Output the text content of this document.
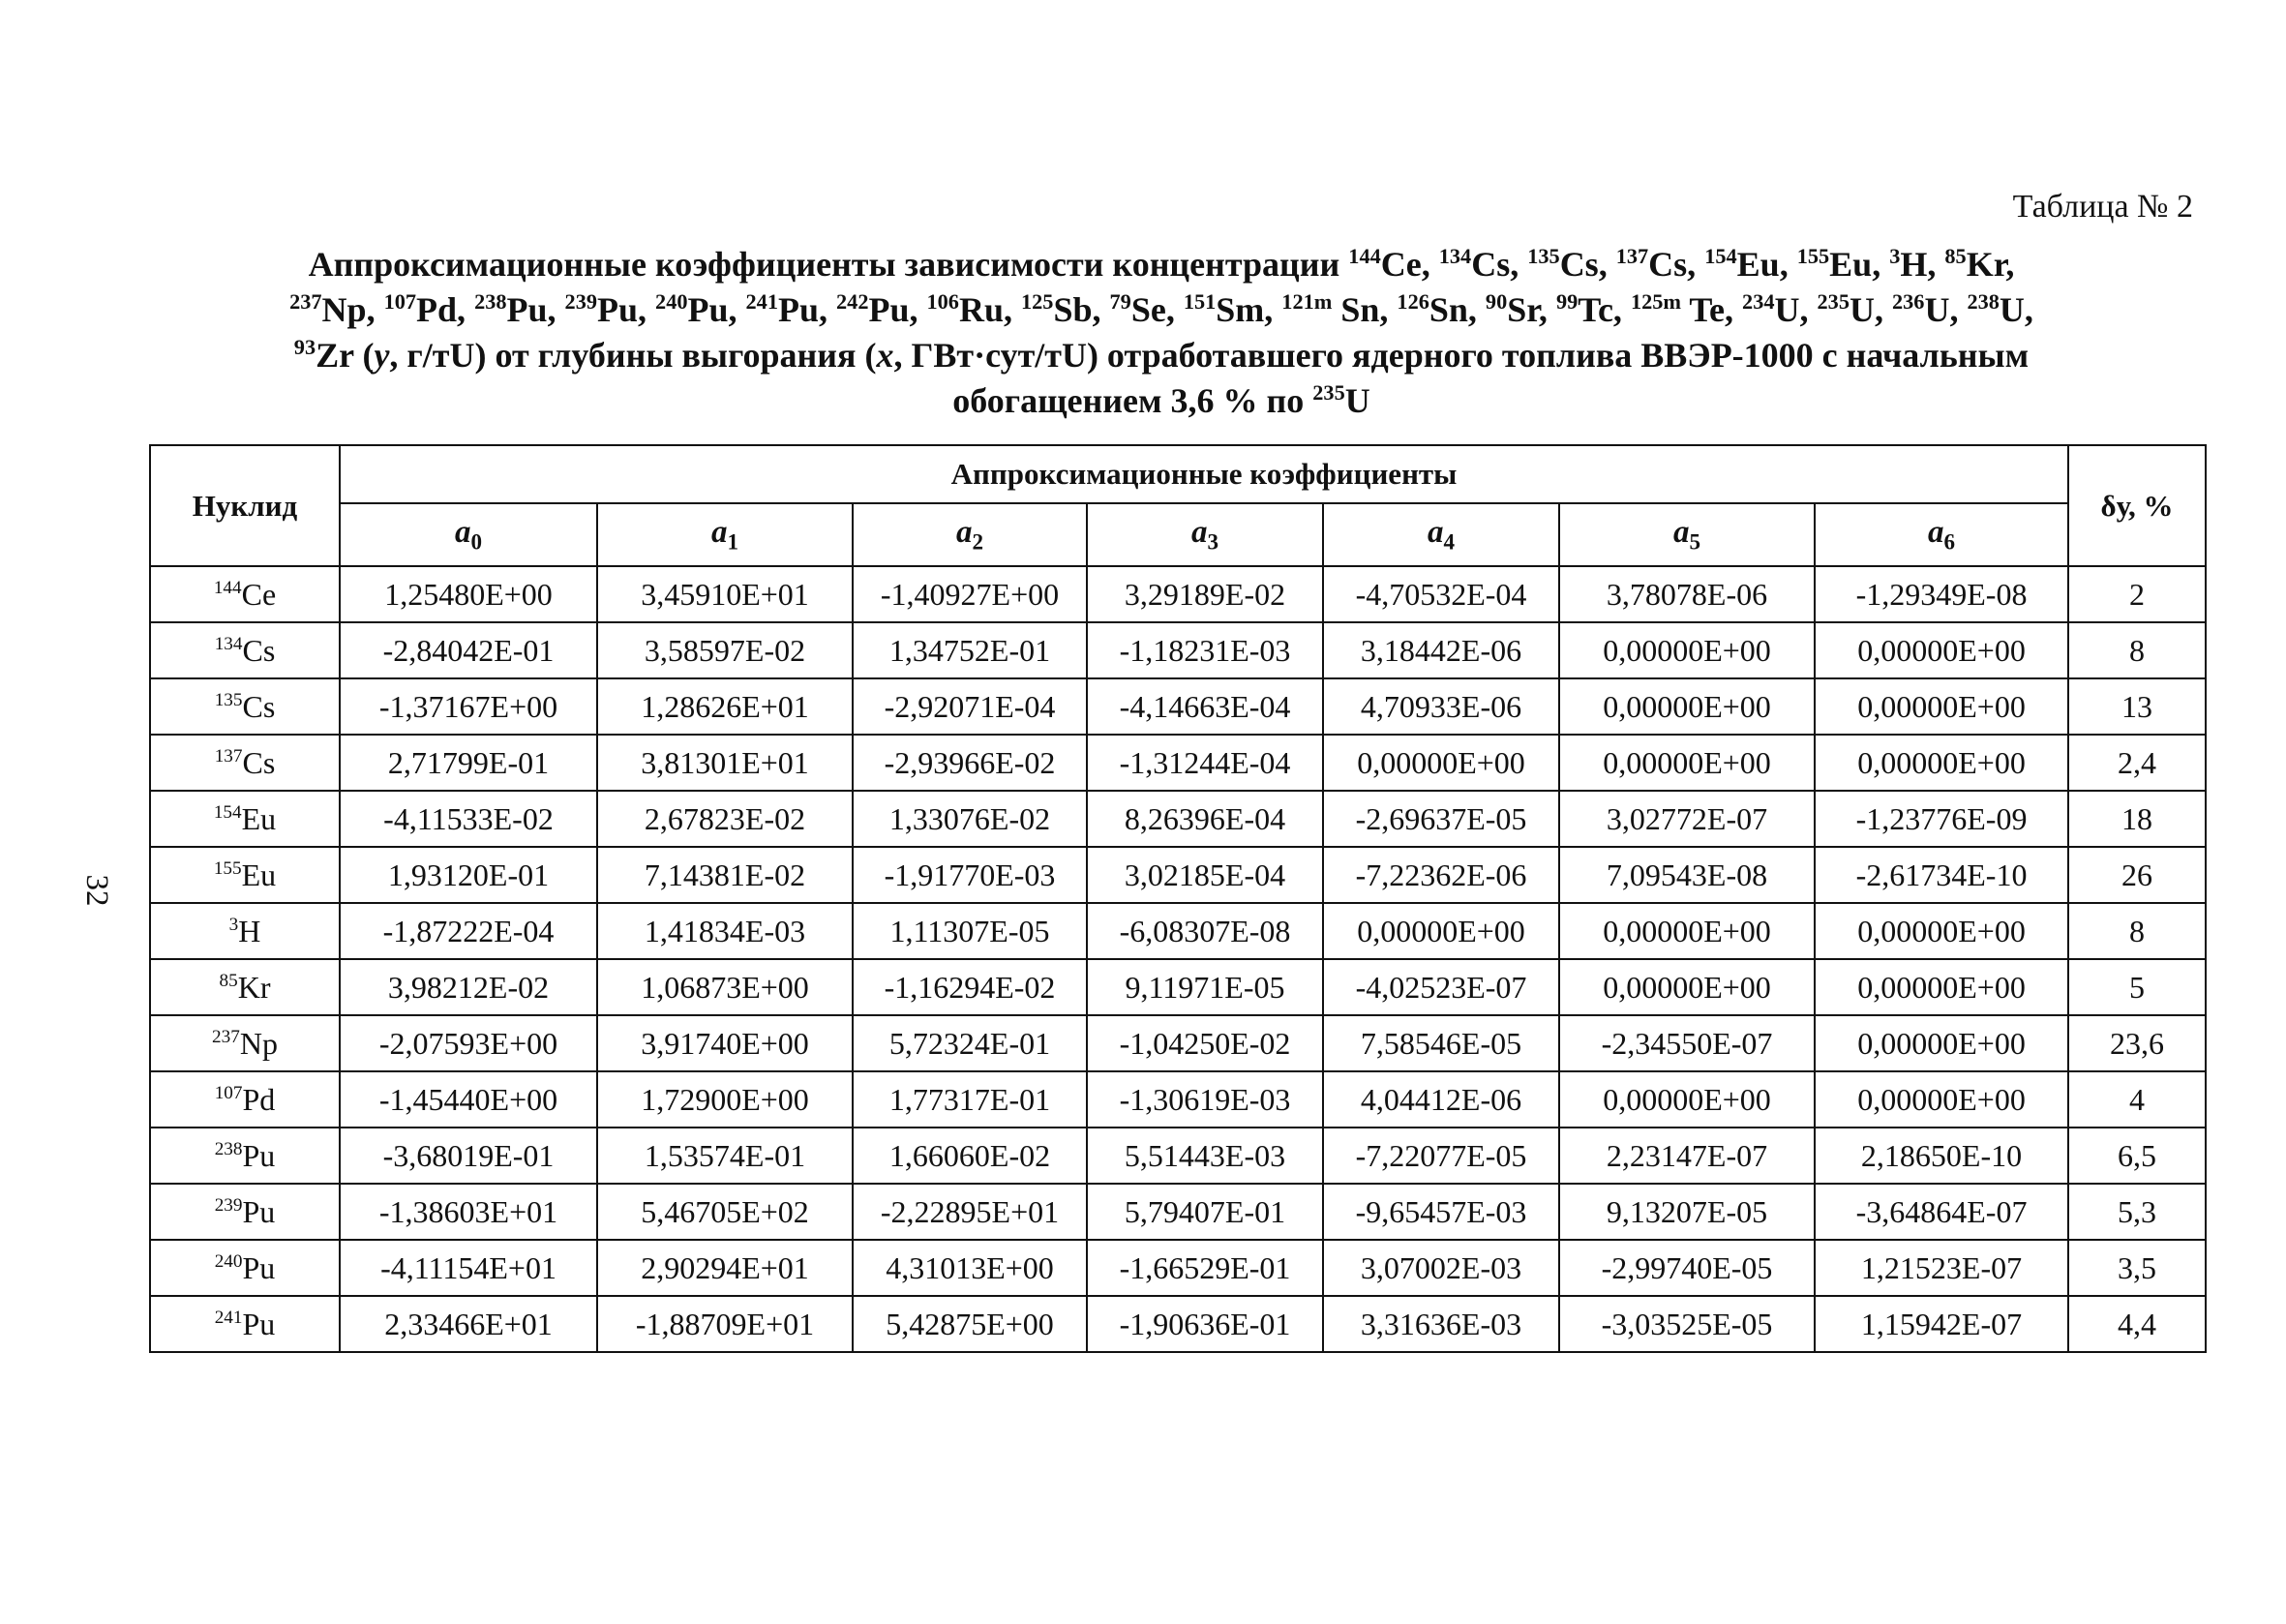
32
Таблица № 2
Аппроксимационные коэффициенты зависимости концентрации $^{144}$Ce, $^{134}$Cs, $^{135}$Cs, $^{137}$Cs, $^{154}$Eu, $^{155}$Eu, $^3$H, $^{85}$Kr,
$^{237}$Np, $^{107}$Pd, $^{238}$Pu, $^{239}$Pu, $^{240}$Pu, $^{241}$Pu, $^{242}$Pu, $^{106}$Ru, $^{125}$Sb, $^{79}$Se, $^{151}$Sm, $^{121m}$ Sn, $^{126}$Sn, $^{90}$Sr, $^{99}$Tc, $^{125m}$ Te, $^{234}$U, $^{235}$U, $^{236}$U, $^{238}$U,
$^{93}$Zr (у, г/тU) от глубины выгорания (x, ГВт·сут/тU) отработавшего ядерного топлива ВВЭР-1000 с начальным
обогащением 3,6 % по $^{235}$U
Нуклид	Аппроксимационные коэффициенты							δу, %
	$a_0$	$a_1$	$a_2$	$a_3$	$a_4$	$a_5$	$a_6$
$^{144}$Ce	1,25480E+00	3,45910E+01	-1,40927E+00	3,29189E-02	-4,70532E-04	3,78078E-06	-1,29349E-08	2
$^{134}$Cs	-2,84042E-01	3,58597E-02	1,34752E-01	-1,18231E-03	3,18442E-06	0,00000E+00	0,00000E+00	8
$^{135}$Cs	-1,37167E+00	1,28626E+01	-2,92071E-04	-4,14663E-04	4,70933E-06	0,00000E+00	0,00000E+00	13
$^{137}$Cs	2,71799E-01	3,81301E+01	-2,93966E-02	-1,31244E-04	0,00000E+00	0,00000E+00	0,00000E+00	2,4
$^{154}$Eu	-4,11533E-02	2,67823E-02	1,33076E-02	8,26396E-04	-2,69637E-05	3,02772E-07	-1,23776E-09	18
$^{155}$Eu	1,93120E-01	7,14381E-02	-1,91770E-03	3,02185E-04	-7,22362E-06	7,09543E-08	-2,61734E-10	26
$^3$H	-1,87222E-04	1,41834E-03	1,11307E-05	-6,08307E-08	0,00000E+00	0,00000E+00	0,00000E+00	8
$^{85}$Kr	3,98212E-02	1,06873E+00	-1,16294E-02	9,11971E-05	-4,02523E-07	0,00000E+00	0,00000E+00	5
$^{237}$Np	-2,07593E+00	3,91740E+00	5,72324E-01	-1,04250E-02	7,58546E-05	-2,34550E-07	0,00000E+00	23,6
$^{107}$Pd	-1,45440E+00	1,72900E+00	1,77317E-01	-1,30619E-03	4,04412E-06	0,00000E+00	0,00000E+00	4
$^{238}$Pu	-3,68019E-01	1,53574E-01	1,66060E-02	5,51443E-03	-7,22077E-05	2,23147E-07	2,18650E-10	6,5
$^{239}$Pu	-1,38603E+01	5,46705E+02	-2,22895E+01	5,79407E-01	-9,65457E-03	9,13207E-05	-3,64864E-07	5,3
$^{240}$Pu	-4,11154E+01	2,90294E+01	4,31013E+00	-1,66529E-01	3,07002E-03	-2,99740E-05	1,21523E-07	3,5
$^{241}$Pu	2,33466E+01	-1,88709E+01	5,42875E+00	-1,90636E-01	3,31636E-03	-3,03525E-05	1,15942E-07	4,4
